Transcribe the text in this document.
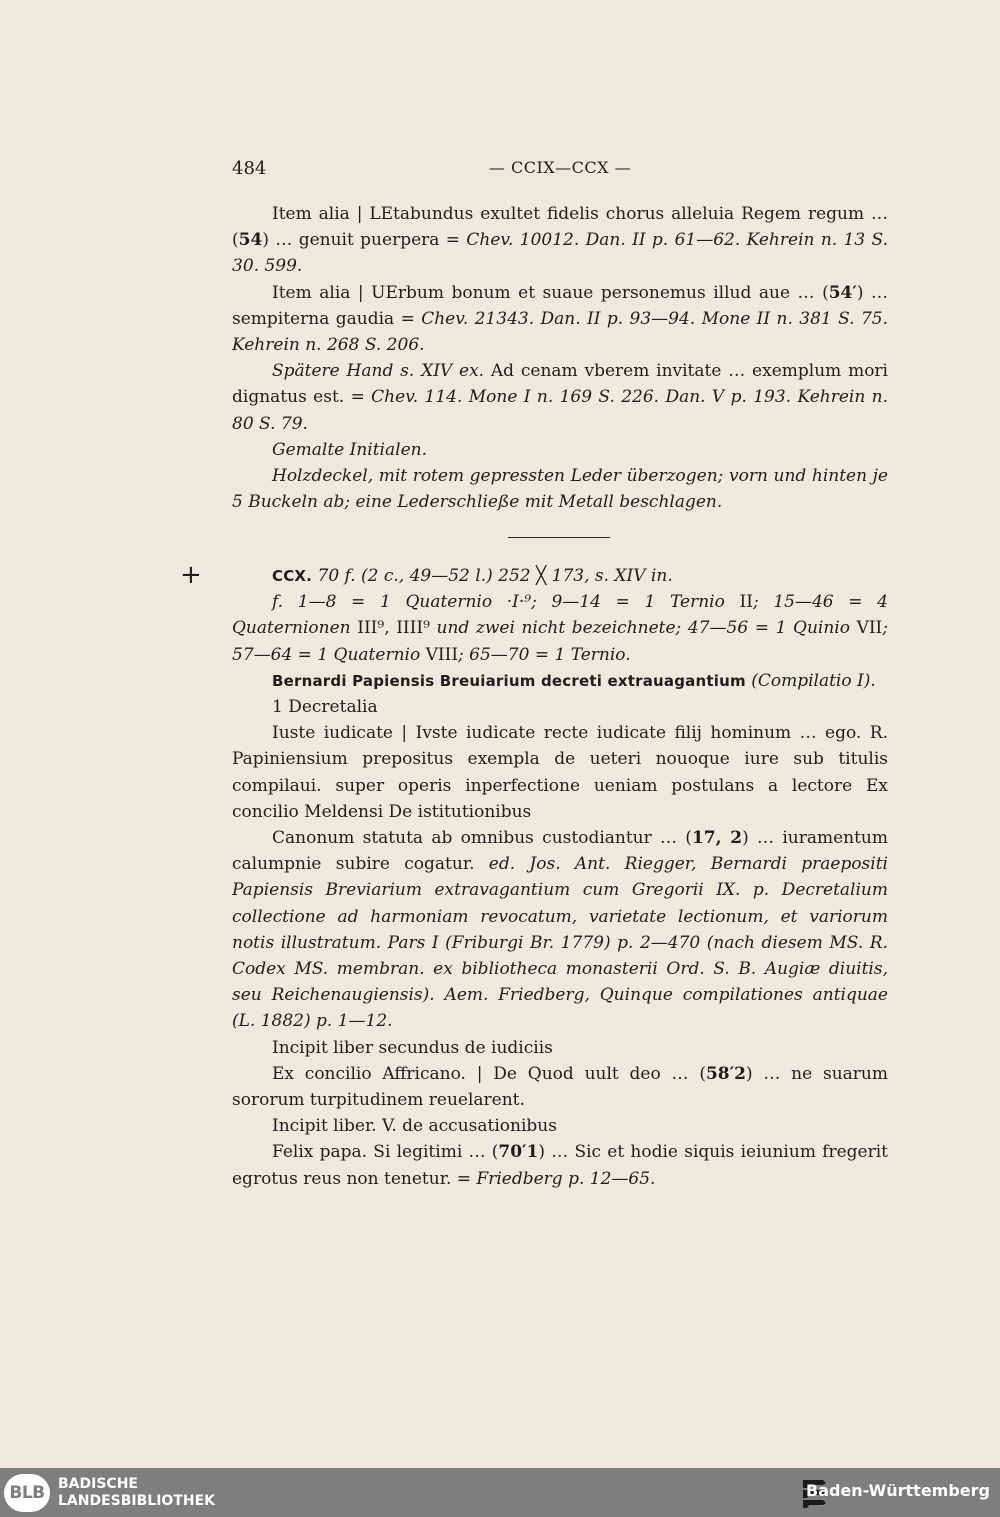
484	— CCIX—CCX —

Item alia | LEtabundus exultet fidelis chorus alleluia Regem regum … (54) … genuit puerpera = Chev. 10012. Dan. II p. 61—62. Kehrein n. 13 S. 30. 599.

Item alia | UErbum bonum et suaue personemus illud aue … (54′) … sempiterna gaudia = Chev. 21343. Dan. II p. 93—94. Mone II n. 381 S. 75. Kehrein n. 268 S. 206.

Spätere Hand s. XIV ex. Ad cenam vberem invitate … exemplum mori dignatus est. = Chev. 114. Mone I n. 169 S. 226. Dan. V p. 193. Kehrein n. 80 S. 79.

Gemalte Initialen.

Holzdeckel, mit rotem gepressten Leder überzogen; vorn und hinten je 5 Buckeln ab; eine Lederschließe mit Metall beschlagen.

+	CCX. 70 f. (2 c., 49—52 l.) 252 ╳ 173, s. XIV in.

f. 1—8 = 1 Quaternio ·I·⁹; 9—14 = 1 Ternio II; 15—46 = 4 Quaternionen III⁹, IIII⁹ und zwei nicht bezeichnete; 47—56 = 1 Quinio VII; 57—64 = 1 Quaternio VIII; 65—70 = 1 Ternio.

Bernardi Papiensis Breuiarium decreti extrauagantium (Compilatio I).

1 Decretalia

Iuste iudicate | Ivste iudicate recte iudicate filij hominum … ego. R. Papiniensium prepositus exempla de ueteri nouoque iure sub titulis compilaui. super operis inperfectione ueniam postulans a lectore Ex concilio Meldensi De istitutionibus

Canonum statuta ab omnibus custodiantur … (17, 2) … iuramentum calumpnie subire cogatur. ed. Jos. Ant. Riegger, Bernardi praepositi Papiensis Breviarium extravagantium cum Gregorii IX. p. Decretalium collectione ad harmoniam revocatum, varietate lectionum, et variorum notis illustratum. Pars I (Friburgi Br. 1779) p. 2—470 (nach diesem MS. R. Codex MS. membran. ex bibliotheca monasterii Ord. S. B. Augiæ diuitis, seu Reichenaugiensis). Aem. Friedberg, Quinque compilationes antiquae (L. 1882) p. 1—12.

Incipit liber secundus de iudiciis

Ex concilio Affricano. | De Quod uult deo … (58′2) … ne suarum sororum turpitudinem reuelarent.

Incipit liber. V. de accusationibus

Felix papa. Si legitimi … (70′1) … Sic et hodie siquis ieiunium fregerit egrotus reus non tenetur. = Friedberg p. 12—65.

BLB BADISCHE
LANDESBIBLIOTHEK
Baden-Württemberg
